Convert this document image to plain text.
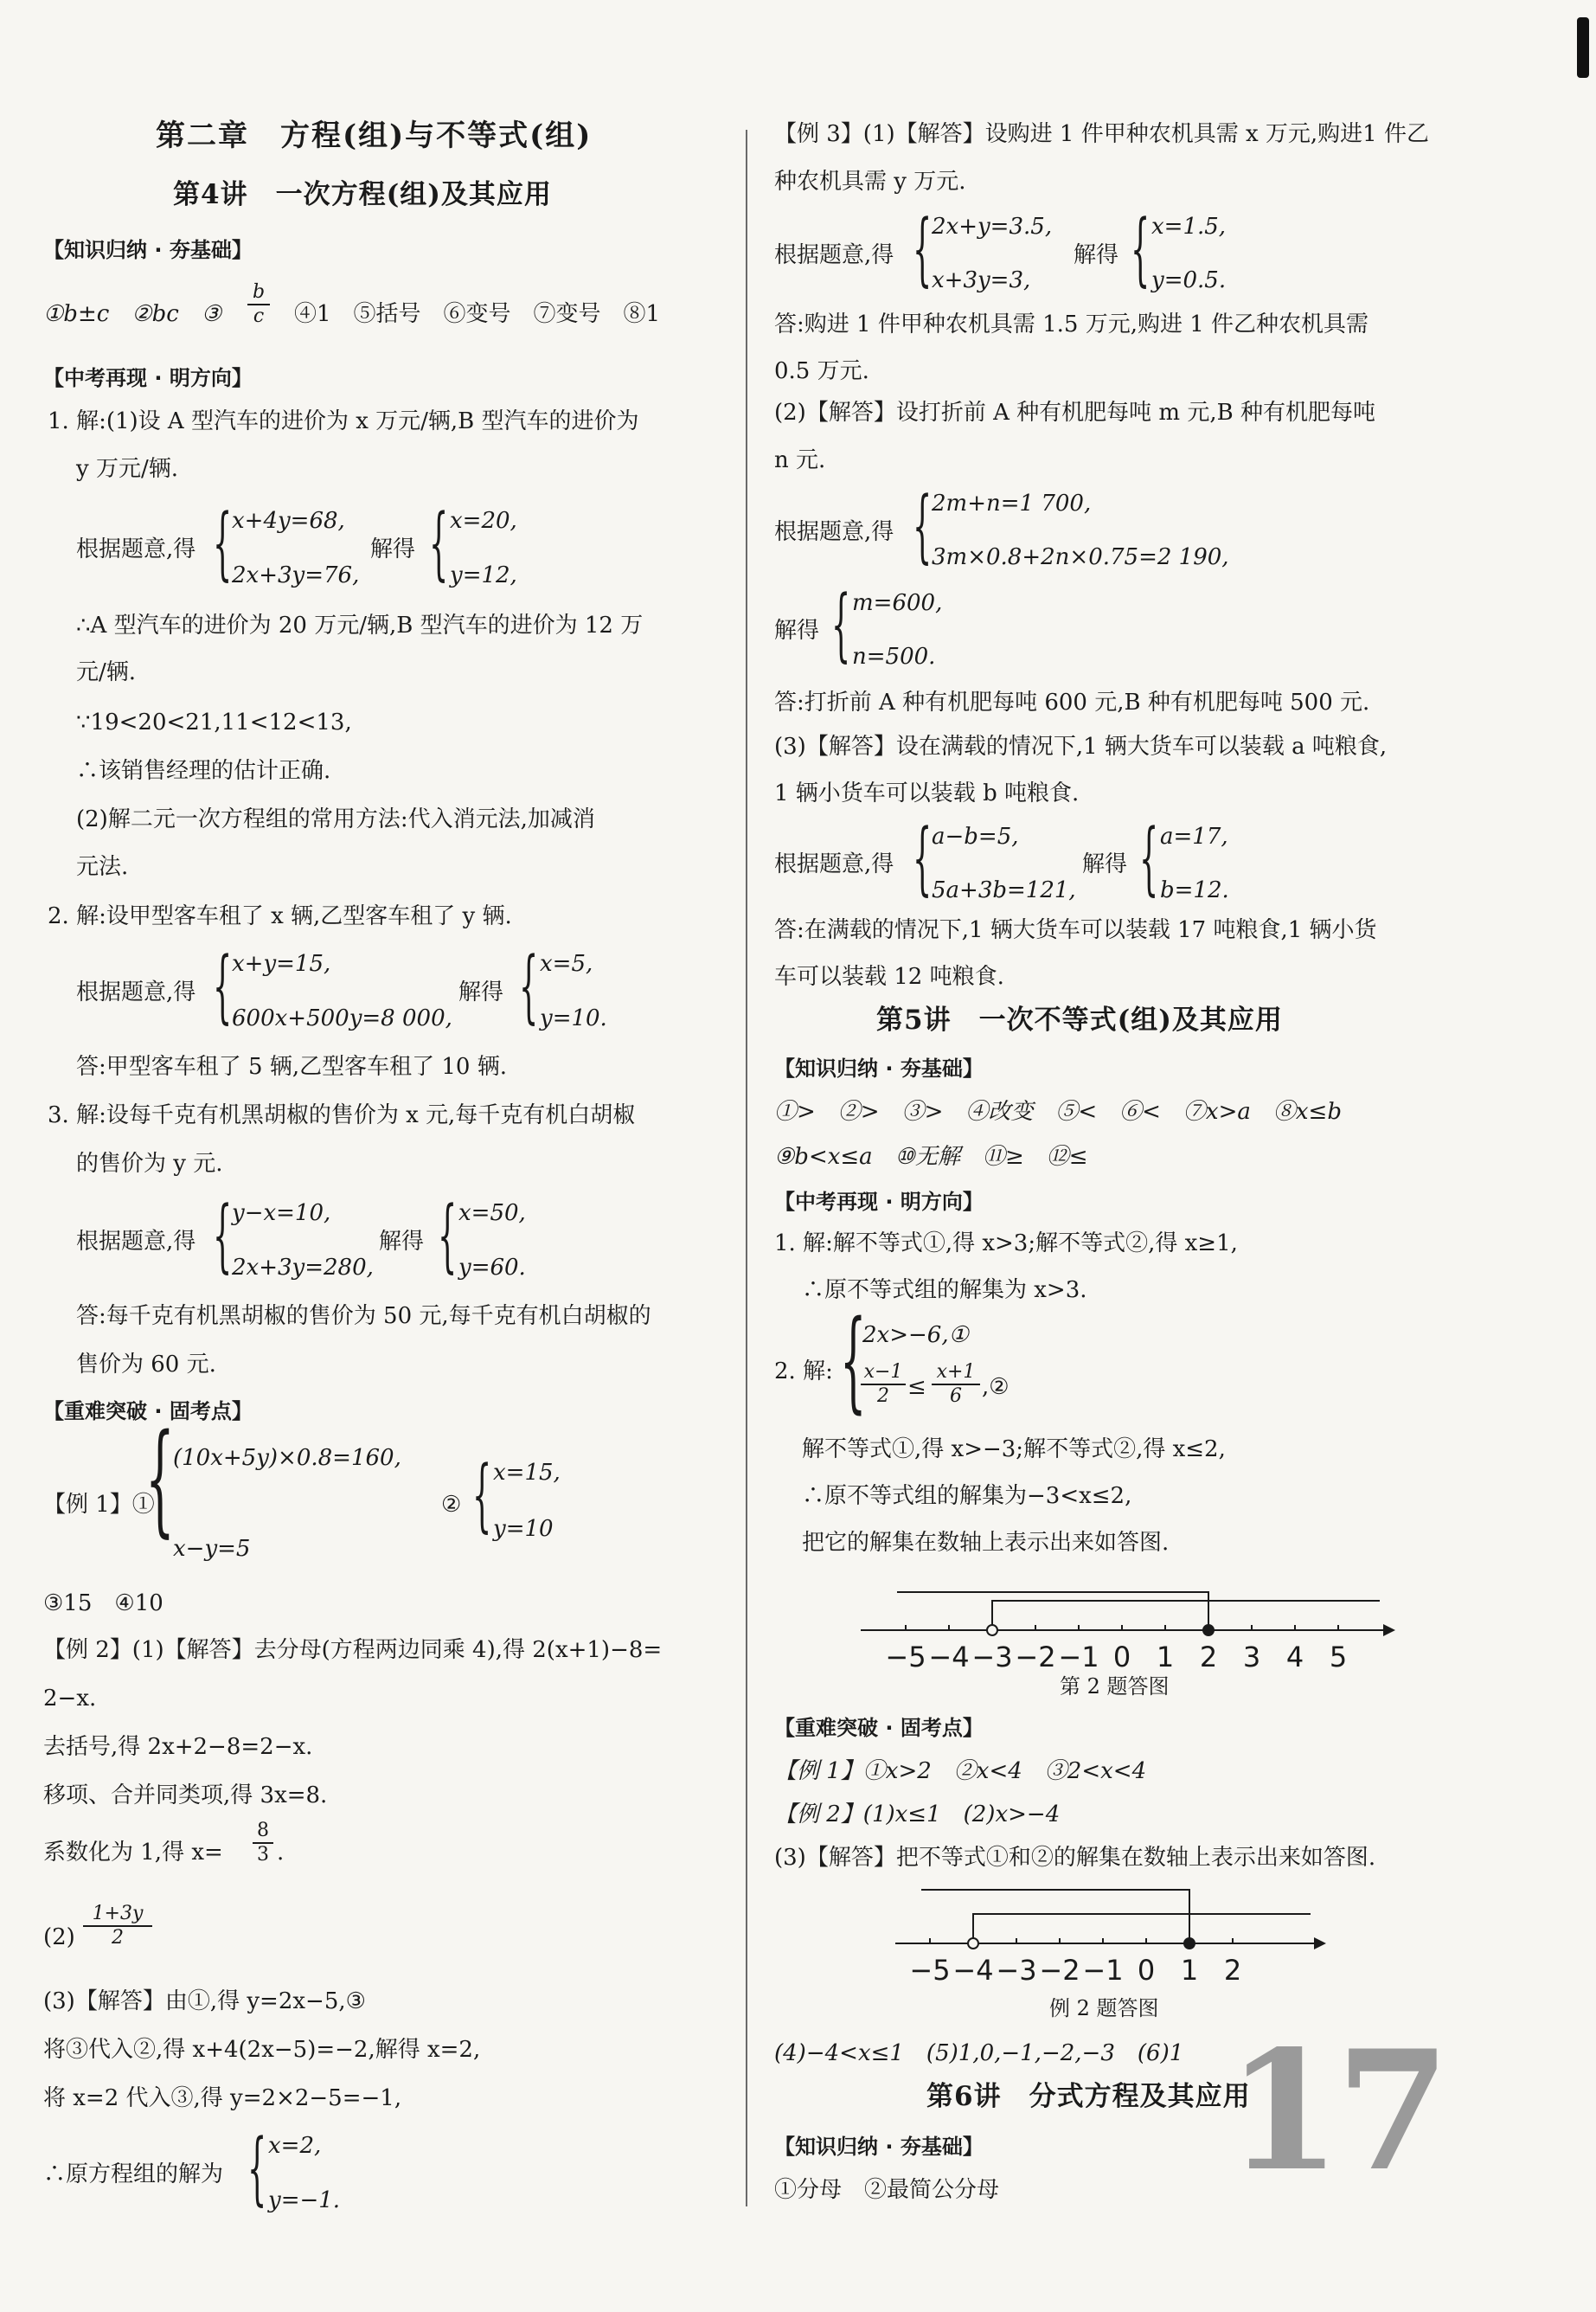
第二章　方程(组)与不等式(组)
第4讲　一次方程(组)及其应用
【知识归纳 · 夯基础】
①b±c　②bc　③
b
c ④1　⑤括号　⑥变号　⑦变号　⑧1
【中考再现 · 明方向】
1. 解:(1)设 A 型汽车的进价为 x 万元/辆,B 型汽车的进价为
y 万元/辆.
根据题意,得 { x+4y=68,
2x+3y=76,
解得 { x=20,
y=12,
∴A 型汽车的进价为 20 万元/辆,B 型汽车的进价为 12 万
元/辆.
∵19<20<21,11<12<13,
∴该销售经理的估计正确.
(2)解二元一次方程组的常用方法:代入消元法,加减消
元法.
2. 解:设甲型客车租了 x 辆,乙型客车租了 y 辆.
根据题意,得 { x+y=15,
600x+500y=8 000,
解得 { x=5,
y=10.
答:甲型客车租了 5 辆,乙型客车租了 10 辆.
3. 解:设每千克有机黑胡椒的售价为 x 元,每千克有机白胡椒
的售价为 y 元.
根据题意,得 { y−x=10,
2x+3y=280,
解得 { x=50,
y=60.
答:每千克有机黑胡椒的售价为 50 元,每千克有机白胡椒的
售价为 60 元.
【重难突破 · 固考点】
【例 1】①
{
(10x+5y)×0.8=160,
x−y=5
② { x=15,
y=10
③15　④10
【例 2】(1)【解答】去分母(方程两边同乘 4),得 2(x+1)−8=
2−x.
去括号,得 2x+2−8=2−x.
移项、合并同类项,得 3x=8.
系数化为 1,得 x=
8
3 .
(2)
1+3y
2
(3)【解答】由①,得 y=2x−5,③
将③代入②,得 x+4(2x−5)=−2,解得 x=2,
将 x=2 代入③,得 y=2×2−5=−1,
∴原方程组的解为 { x=2,
y=−1.
【例 3】(1)【解答】设购进 1 件甲种农机具需 x 万元,购进1 件乙
种农机具需 y 万元.
根据题意,得 { 2x+y=3.5,
x+3y=3,
解得 { x=1.5,
y=0.5.
答:购进 1 件甲种农机具需 1.5 万元,购进 1 件乙种农机具需
0.5 万元.
(2)【解答】设打折前 A 种有机肥每吨 m 元,B 种有机肥每吨
n 元.
根据题意,得 { 2m+n=1 700,
3m×0.8+2n×0.75=2 190,
解得 { m=600,
n=500.
答:打折前 A 种有机肥每吨 600 元,B 种有机肥每吨 500 元.
(3)【解答】设在满载的情况下,1 辆大货车可以装载 a 吨粮食,
1 辆小货车可以装载 b 吨粮食.
根据题意,得 { a−b=5,
5a+3b=121,
解得 { a=17,
b=12.
答:在满载的情况下,1 辆大货车可以装载 17 吨粮食,1 辆小货
车可以装载 12 吨粮食.
第5讲　一次不等式(组)及其应用
【知识归纳 · 夯基础】
①>　②>　③>　④改变　⑤<　⑥<　⑦x>a　⑧x≤b
⑨b<x≤a　⑩无解　⑪≥　⑫≤
【中考再现 · 明方向】
1. 解:解不等式①,得 x>3;解不等式②,得 x≥1,
∴原不等式组的解集为 x>3.
2. 解: {
2x>−6,①
x−1
2 ≤
x+1
6 ,②
解不等式①,得 x>−3;解不等式②,得 x≤2,
∴原不等式组的解集为−3<x≤2,
把它的解集在数轴上表示出来如答图.
−5 −4 −3 −2 −1 0 1 2 3 4 5
第 2 题答图
【重难突破 · 固考点】
【例 1】①x>2　②x<4　③2<x<4
【例 2】(1)x≤1　(2)x>−4
(3)【解答】把不等式①和②的解集在数轴上表示出来如答图.
−5 −4 −3 −2 −1 0 1 2
例 2 题答图
(4)−4<x≤1　(5)1,0,−1,−2,−3　(6)1
第6讲　分式方程及其应用
【知识归纳 · 夯基础】
①分母　②最简公分母 17
